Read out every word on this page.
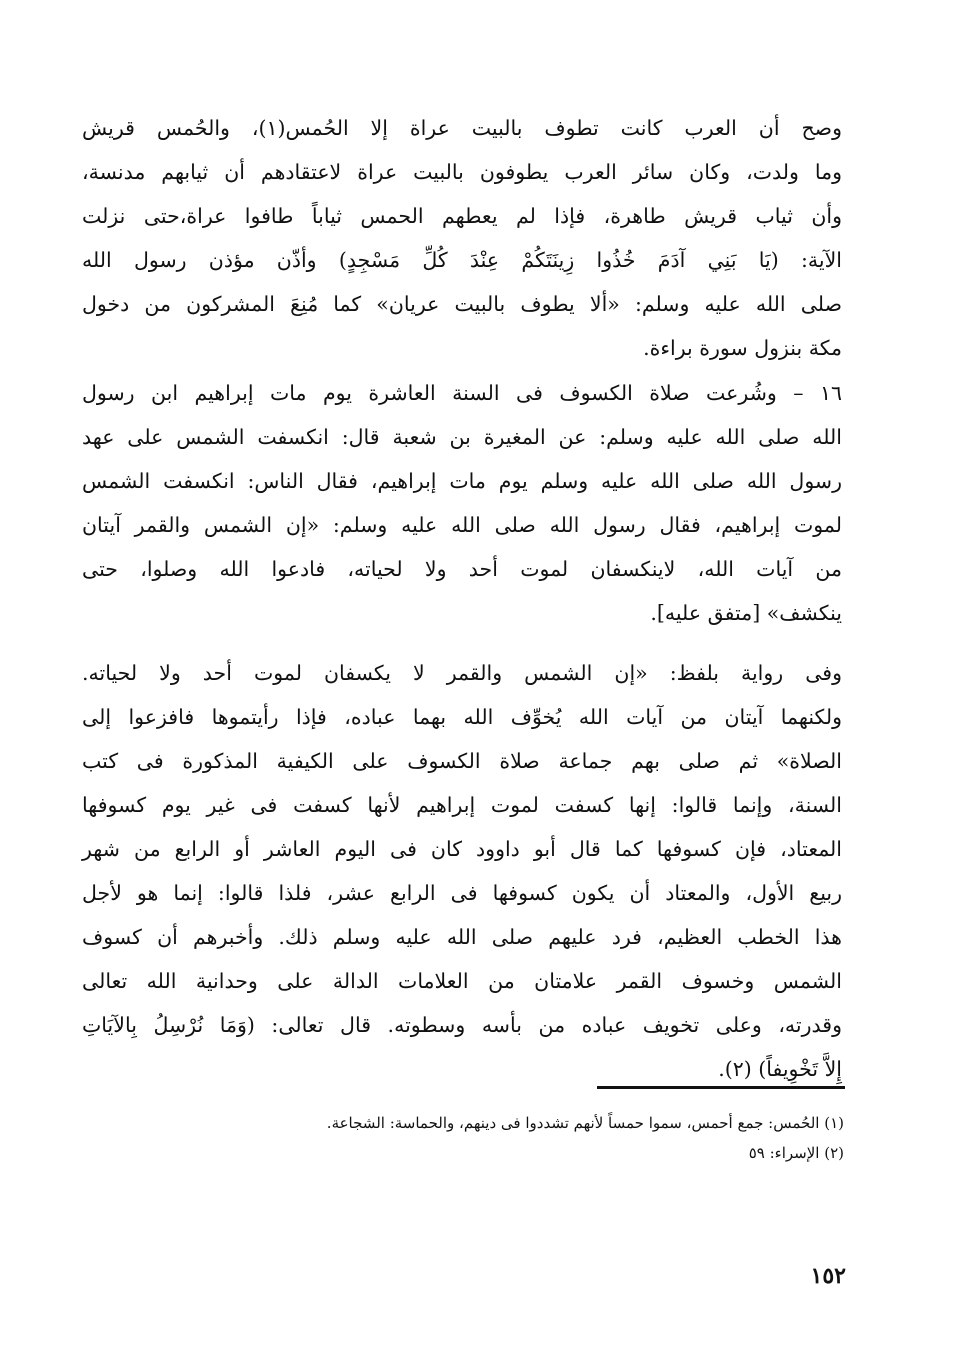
وصح أن العرب كانت تطوف بالبيت عراة إلا الحُمس(١)، والحُمس قريش
وما ولدت، وكان سائر العرب يطوفون بالبيت عراة لاعتقادهم أن ثيابهم مدنسة،
وأن ثياب قريش طاهرة، فإذا لم يعطهم الحمس ثياباً طافوا عراة،حتى نزلت
الآية: (يَا بَنِي آدَمَ خُذُوا زِينَتَكُمْ عِنْدَ كُلِّ مَسْجِدٍ) وأذّن مؤذن رسول الله
صلى الله عليه وسلم: «ألا يطوف بالبيت عريان» كما مُنِعَ المشركون من دخول
مكة بنزول سورة براءة.
١٦ – وشُرعت صلاة الكسوف فى السنة العاشرة يوم مات إبراهيم ابن رسول
الله صلى الله عليه وسلم: عن المغيرة بن شعبة قال: انكسفت الشمس على عهد
رسول الله صلى الله عليه وسلم يوم مات إبراهيم، فقال الناس: انكسفت الشمس
لموت إبراهيم، فقال رسول الله صلى الله عليه وسلم: «إن الشمس والقمر آيتان
من آيات الله، لاينكسفان لموت أحد ولا لحياته، فادعوا الله وصلوا، حتى
ينكشف» [متفق عليه].
وفى رواية بلفظ: «إن الشمس والقمر لا يكسفان لموت أحد ولا لحياته.
ولكنهما آيتان من آيات الله يُخوِّف الله بهما عباده، فإذا رأيتموها فافزعوا إلى
الصلاة» ثم صلى بهم جماعة صلاة الكسوف على الكيفية المذكورة فى كتب
السنة، وإنما قالوا: إنها كسفت لموت إبراهيم لأنها كسفت فى غير يوم كسوفها
المعتاد، فإن كسوفها كما قال أبو داوود كان فى اليوم العاشر أو الرابع من شهر
ربيع الأول، والمعتاد أن يكون كسوفها فى الرابع عشر، فلذا قالوا: إنما هو لأجل
هذا الخطب العظيم، فرد عليهم صلى الله عليه وسلم ذلك. وأخبرهم أن كسوف
الشمس وخسوف القمر علامتان من العلامات الدالة على وحدانية الله تعالى
وقدرته، وعلى تخويف عباده من بأسه وسطوته. قال تعالى: (وَمَا نُرْسِلُ بِالآيَاتِ
إِلاَّ تَخْوِيفاً) (٢).
(١) الحُمس: جمع أحمس، سموا حمساً لأنهم تشددوا فى دينهم، والحماسة: الشجاعة.
(٢) الإسراء: ٥٩
١٥٢
